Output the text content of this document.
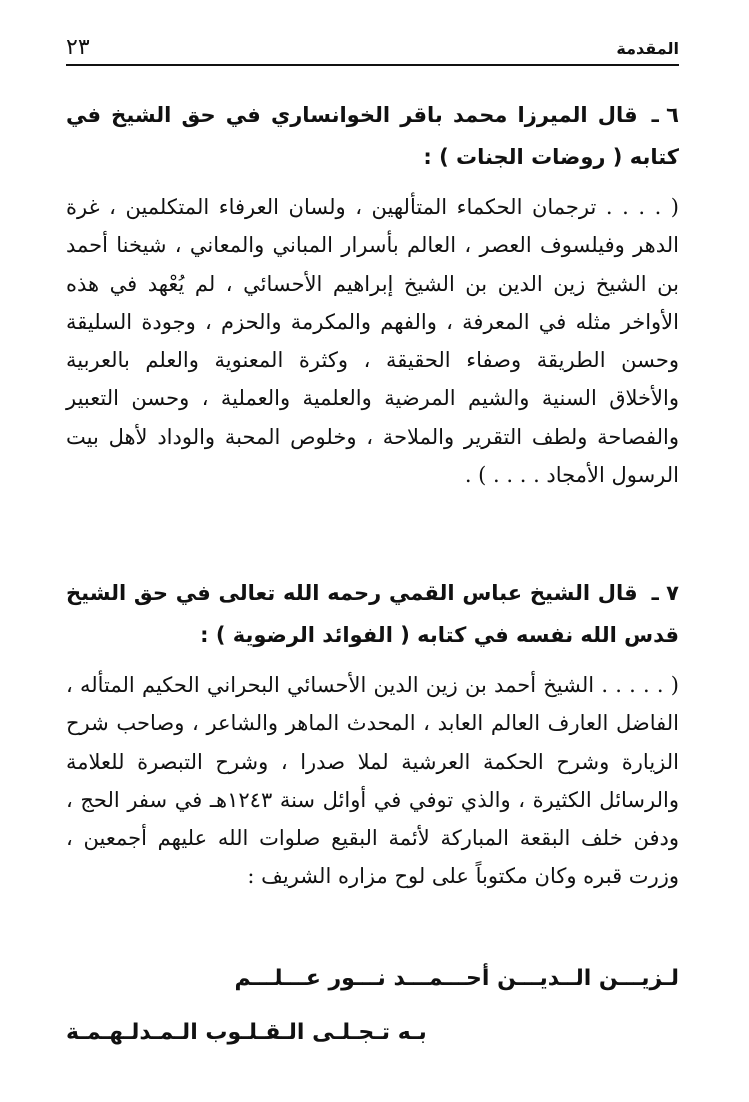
المقدمة
٢٣
٦ ـقال الميرزا محمد باقر الخوانساري في حق الشيخ في كتابه ( روضات الجنات ) :

( . . . . ترجمان الحكماء المتألهين ، ولسان العرفاء المتكلمين ، غرة الدهر وفيلسوف العصر ، العالم بأسرار المباني والمعاني ، شيخنا أحمد بن الشيخ زين الدين بن الشيخ إبراهيم الأحسائي ، لم يُعْهد في هذه الأواخر مثله في المعرفة ، والفهم والمكرمة والحزم ، وجودة السليقة وحسن الطريقة وصفاء الحقيقة ، وكثرة المعنوية والعلم بالعربية والأخلاق السنية والشيم المرضية والعلمية والعملية ، وحسن التعبير والفصاحة ولطف التقرير والملاحة ، وخلوص المحبة والوداد لأهل بيت الرسول الأمجاد . . . . ) .

٧ ـقال الشيخ عباس القمي رحمه الله تعالى في حق الشيخ قدس الله نفسه في كتابه ( الفوائد الرضوية ) :

( . . . . . الشيخ أحمد بن زين الدين الأحسائي البحراني الحكيم المتأله ، الفاضل العارف العالم العابد ، المحدث الماهر والشاعر ، وصاحب شرح الزيارة وشرح الحكمة العرشية لملا صدرا ، وشرح التبصرة للعلامة والرسائل الكثيرة ، والذي توفي في أوائل سنة ١٢٤٣هـ في سفر الحج ، ودفن خلف البقعة المباركة لأئمة البقيع صلوات الله عليهم أجمعين ، وزرت قبره وكان مكتوباً على لوح مزاره الشريف :

لـزيـــن الــديـــن أحـــمـــد نـــور عـــلـــم
بـه تـجـلـى الـقـلـوب الـمـدلـهـمـة
